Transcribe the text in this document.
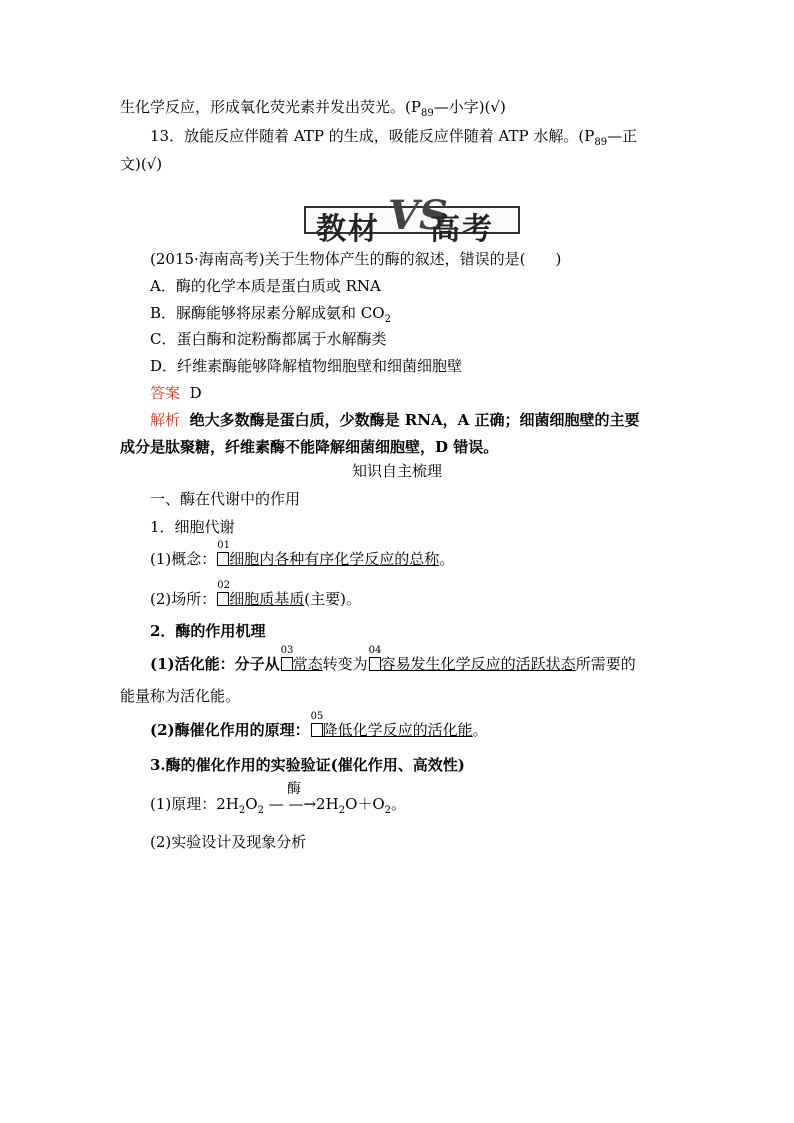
生化学反应，形成氧化荧光素并发出荧光。($P_{89}—$小字)(√)
13．放能反应伴随着 ATP 的生成，吸能反应伴随着 ATP 水解。($P_{89}—$正
文)(√)
教材 VS
高考
(2015·海南高考)关于生物体产生的酶的叙述，错误的是(　　)
A．酶的化学本质是蛋白质或 RNA
B．脲酶能够将尿素分解成氨和 $CO_2$
C．蛋白酶和淀粉酶都属于水解酶类
D．纤维素酶能够降解植物细胞壁和细菌细胞壁
答案 D
解析 绝大多数酶是蛋白质，少数酶是 RNA，A 正确；细菌细胞壁的主要
成分是肽聚糖，纤维素酶不能降解细菌细胞壁，D 错误。
知识自主梳理
一、酶在代谢中的作用
1．细胞代谢
(1)概念：
01
细胞内各种有序化学反应的总称。
(2)场所：
02
细胞质基质(主要)。
2．酶的作用机理
(1)活化能：分子从
03
常态转变为
04
容易发生化学反应的活跃状态所需要的
能量称为活化能。
(2)酶催化作用的原理：
05
降低化学反应的活化能。
3.酶的催化作用的实验验证(催化作用、高效性)
酶
(1)原理：$2H_2O_2$ — $—\to 2H_2O+O_2$。
(2)实验设计及现象分析
